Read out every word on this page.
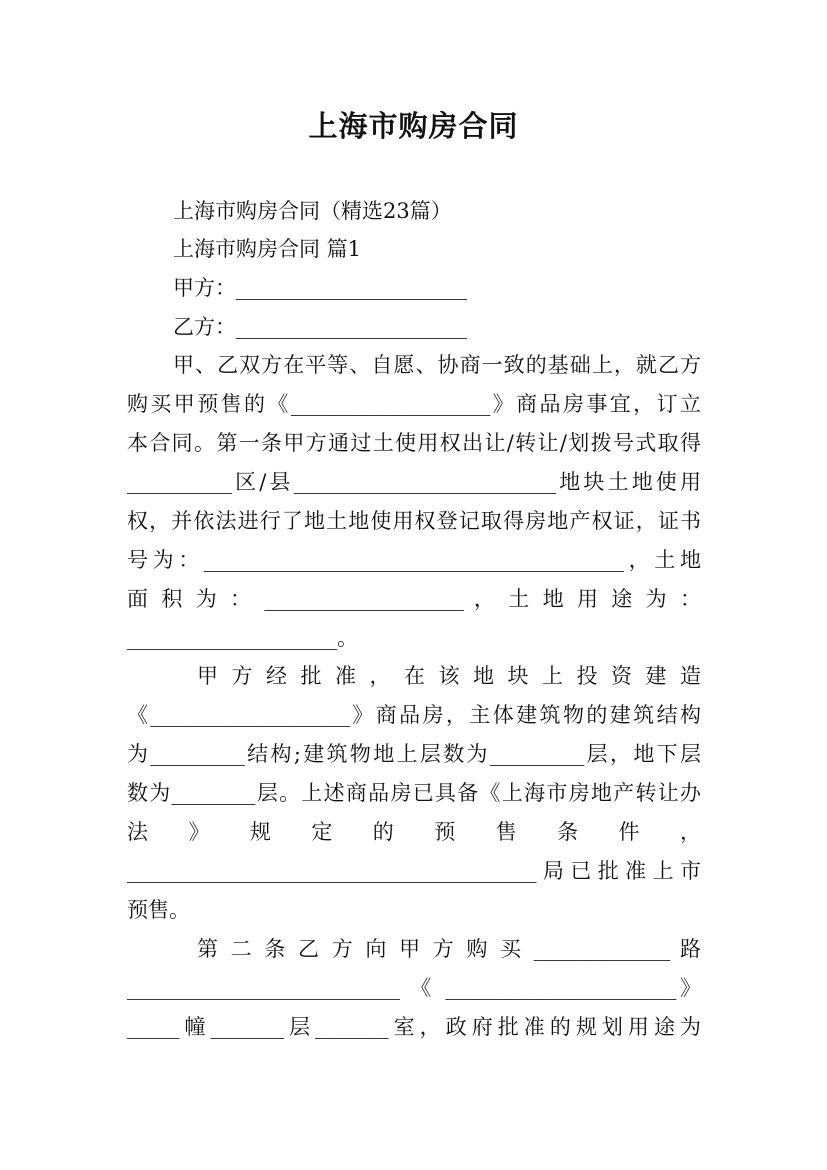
上海市购房合同
上海市购房合同（精选23篇）
上海市购房合同 篇1
甲方：______________________
乙方：______________________
甲、乙双方在平等、自愿、协商一致的基础上，就乙方
购买甲预售的《___________________》商品房事宜，订立
本合同。第一条甲方通过土使用权出让/转让/划拨号式取得
__________区/县_________________________地块土地使用
权，并依法进行了地土地使用权登记取得房地产权证，证书
号为：________________________________________，土地
面 积 为 ： ___________________ ， 土 地 用 途 为 ：
____________________。
甲 方 经 批 准 ， 在 该 地 块 上 投 资 建 造
《___________________》商品房，主体建筑物的建筑结构
为_________结构;建筑物地上层数为_________层，地下层
数为________层。上述商品房已具备《上海市房地产转让办
法 》 规 定 的 预 售 条 件 ，
_______________________________________局已批准上市
预售。
第 二 条 乙 方 向 甲 方 购 买 _____________ 路
__________________________ 《 ______________________》
_____幢_______层_______室，政府批准的规划用途为
